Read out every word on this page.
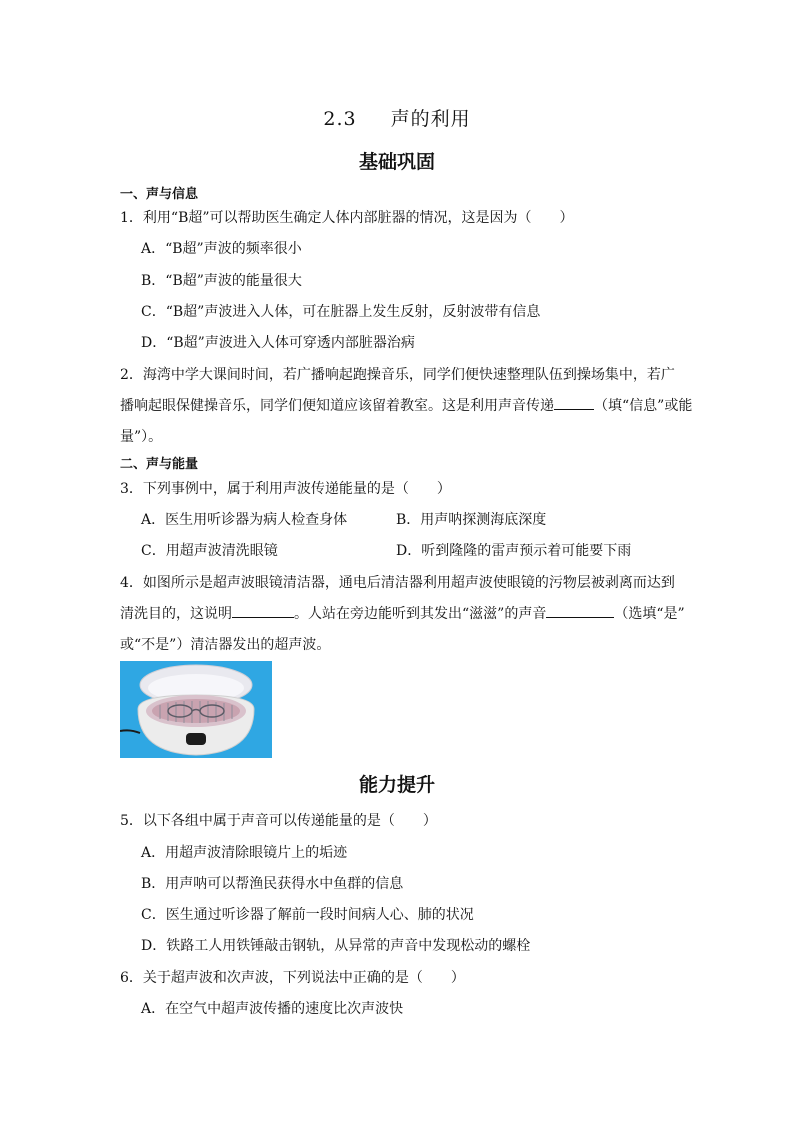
2.3 声的利用
基础巩固
一、声与信息
1．利用“B超”可以帮助医生确定人体内部脏器的情况，这是因为（　　）
A．“B超”声波的频率很小
B．“B超”声波的能量很大
C．“B超”声波进入人体，可在脏器上发生反射，反射波带有信息
D．“B超”声波进入人体可穿透内部脏器治病
2．海湾中学大课间时间，若广播响起跑操音乐，同学们便快速整理队伍到操场集中，若广
播响起眼保健操音乐，同学们便知道应该留着教室。这是利用声音传递	（填“信息”或能
量”）。
二、声与能量
3．下列事例中，属于利用声波传递能量的是（　　）
A．医生用听诊器为病人检查身体	B．用声呐探测海底深度
C．用超声波清洗眼镜	D．听到隆隆的雷声预示着可能要下雨
4．如图所示是超声波眼镜清洁器，通电后清洁器利用超声波使眼镜的污物层被剥离而达到
清洗目的，这说明	。人站在旁边能听到其发出“滋滋”的声音	（选填“是”
或“不是”）清洁器发出的超声波。
能力提升
5．以下各组中属于声音可以传递能量的是（　　）
A．用超声波清除眼镜片上的垢迹
B．用声呐可以帮渔民获得水中鱼群的信息
C．医生通过听诊器了解前一段时间病人心、肺的状况
D．铁路工人用铁锤敲击钢轨，从异常的声音中发现松动的螺栓
6．关于超声波和次声波，下列说法中正确的是（　　）
A．在空气中超声波传播的速度比次声波快
